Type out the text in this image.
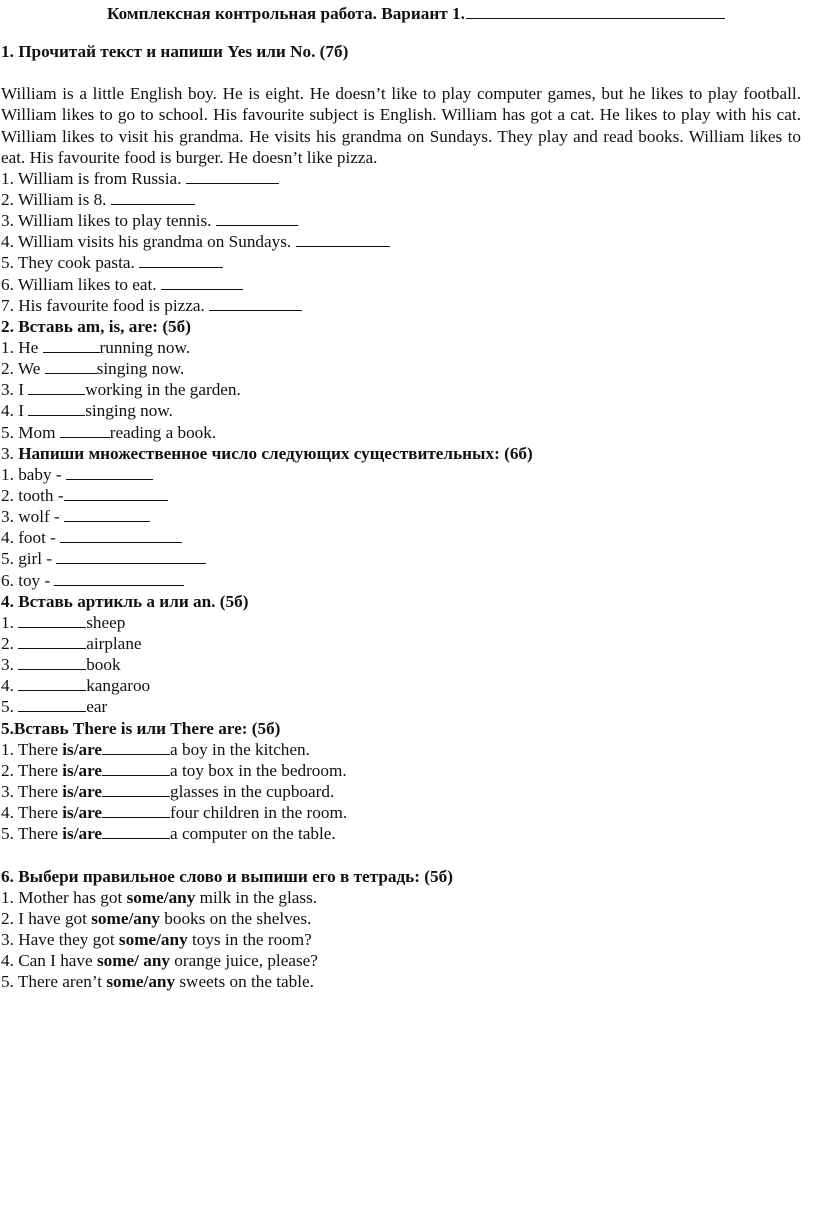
Комплексная контрольная работа. Вариант 1.
1. Прочитай текст и напиши Yes или No. (7б)
William is a little English boy. He is eight. He doesn’t like to play computer games, but he likes to play football. William likes to go to school. His favourite subject is English. William has got a cat. He likes to play with his cat. William likes to visit his grandma. He visits his grandma on Sundays. They play and read books. William likes to eat. His favourite food is burger. He doesn’t like pizza.
1. William is from Russia.
2. William is 8.
3. William likes to play tennis.
4. William visits his grandma on Sundays.
5. They cook pasta.
6. William likes to eat.
7. His favourite food is pizza.
2. Вставь am, is, are: (5б)
1. He	running now.
2. We	singing now.
3. I	working in the garden.
4. I	singing now.
5. Mom	reading a book.
3. Напиши множественное число следующих существительных: (6б)
1. baby -
2. tooth -
3. wolf -
4. foot -
5. girl -
6. toy -
4. Вставь артикль a или an. (5б)
1.	sheep
2.	airplane
3.	book
4.	kangaroo
5.	ear
5.Вставь There is или There are: (5б)
1. There is/are	a boy in the kitchen.
2. There is/are	a toy box in the bedroom.
3. There is/are	glasses in the cupboard.
4. There is/are	four children in the room.
5. There is/are	a computer on the table.
6. Выбери правильное слово и выпиши его в тетрадь: (5б)
1. Mother has got some/any milk in the glass.
2. I have got some/any books on the shelves.
3. Have they got some/any toys in the room?
4. Can I have some/ any orange juice, please?
5. There aren’t some/any sweets on the table.
